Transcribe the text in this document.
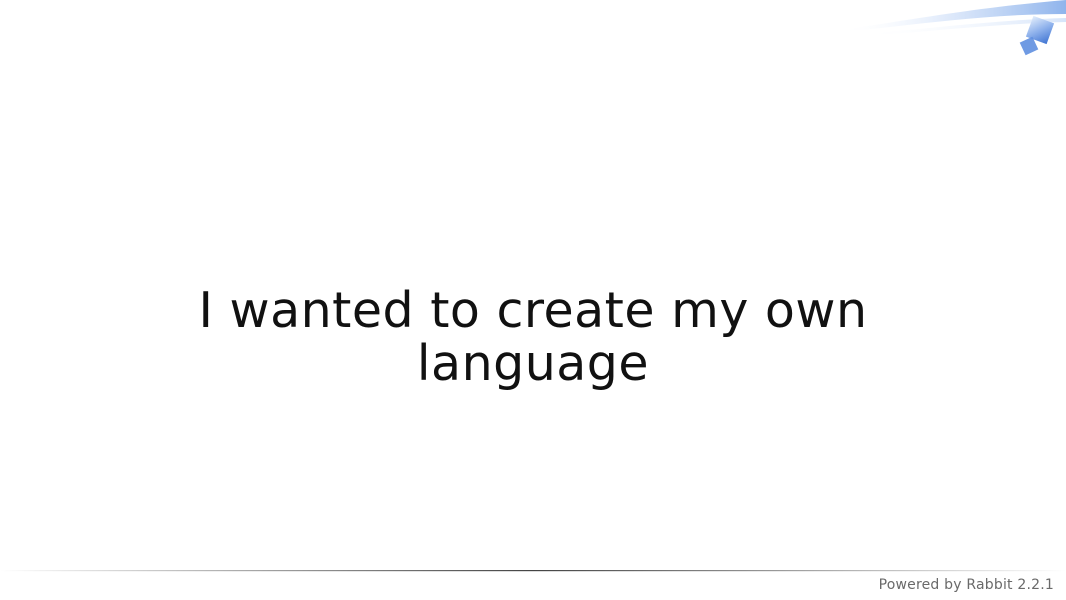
I wanted to create my own
language
Powered by Rabbit 2.2.1
